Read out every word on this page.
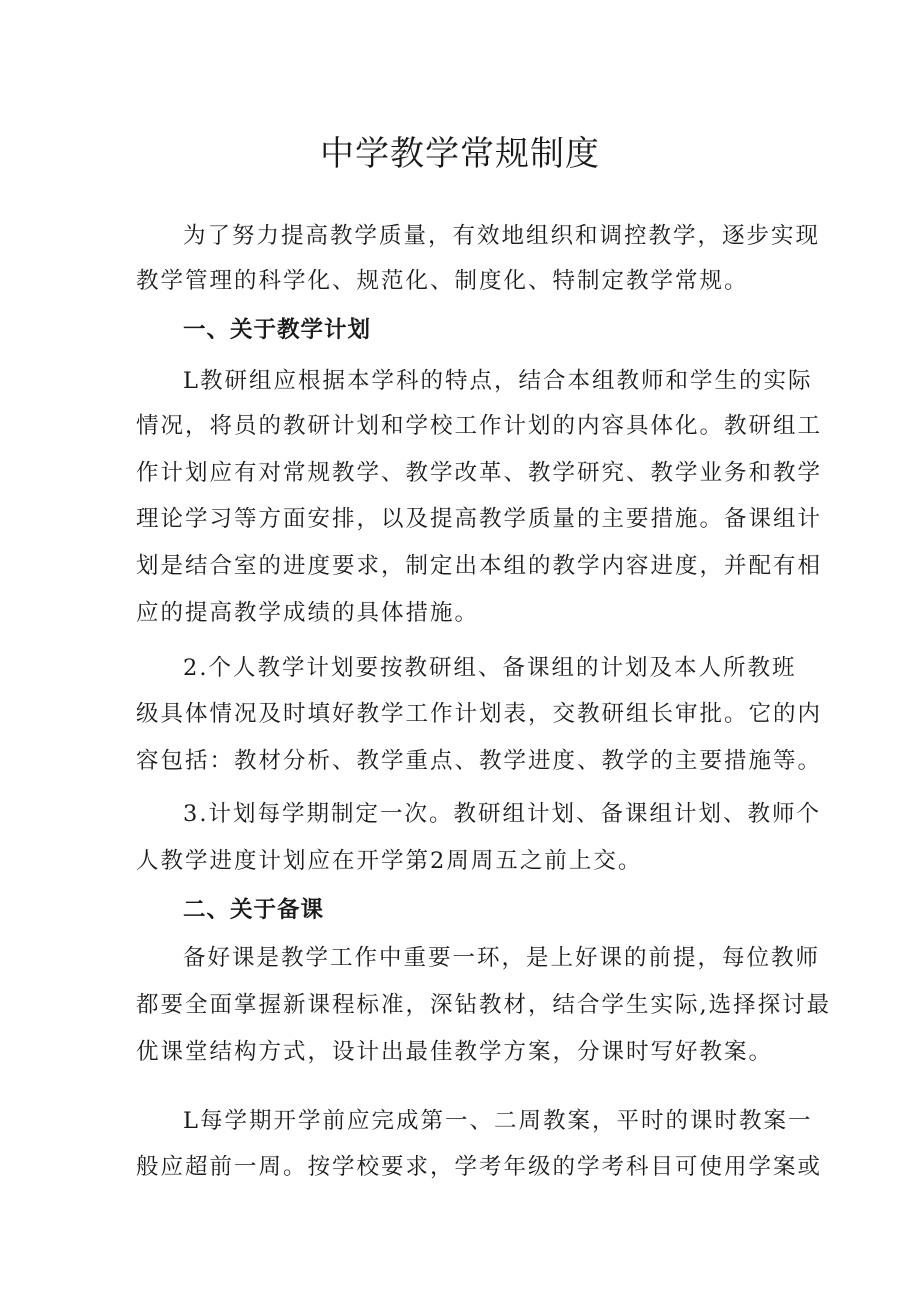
中学教学常规制度
为了努力提高教学质量，有效地组织和调控教学，逐步实现
教学管理的科学化、规范化、制度化、特制定教学常规。
一、关于教学计划
L教研组应根据本学科的特点，结合本组教师和学生的实际
情况，将员的教研计划和学校工作计划的内容具体化。教研组工
作计划应有对常规教学、教学改革、教学研究、教学业务和教学
理论学习等方面安排，以及提高教学质量的主要措施。备课组计
划是结合室的进度要求，制定出本组的教学内容进度，并配有相
应的提高教学成绩的具体措施。
2.个人教学计划要按教研组、备课组的计划及本人所教班
级具体情况及时填好教学工作计划表，交教研组长审批。它的内
容包括：教材分析、教学重点、教学进度、教学的主要措施等。
3.计划每学期制定一次。教研组计划、备课组计划、教师个
人教学进度计划应在开学第2周周五之前上交。
二、关于备课
备好课是教学工作中重要一环，是上好课的前提，每位教师
都要全面掌握新课程标准，深钻教材，结合学生实际,选择探讨最
优课堂结构方式，设计出最佳教学方案，分课时写好教案。
L每学期开学前应完成第一、二周教案，平时的课时教案一
般应超前一周。按学校要求，学考年级的学考科目可使用学案或
